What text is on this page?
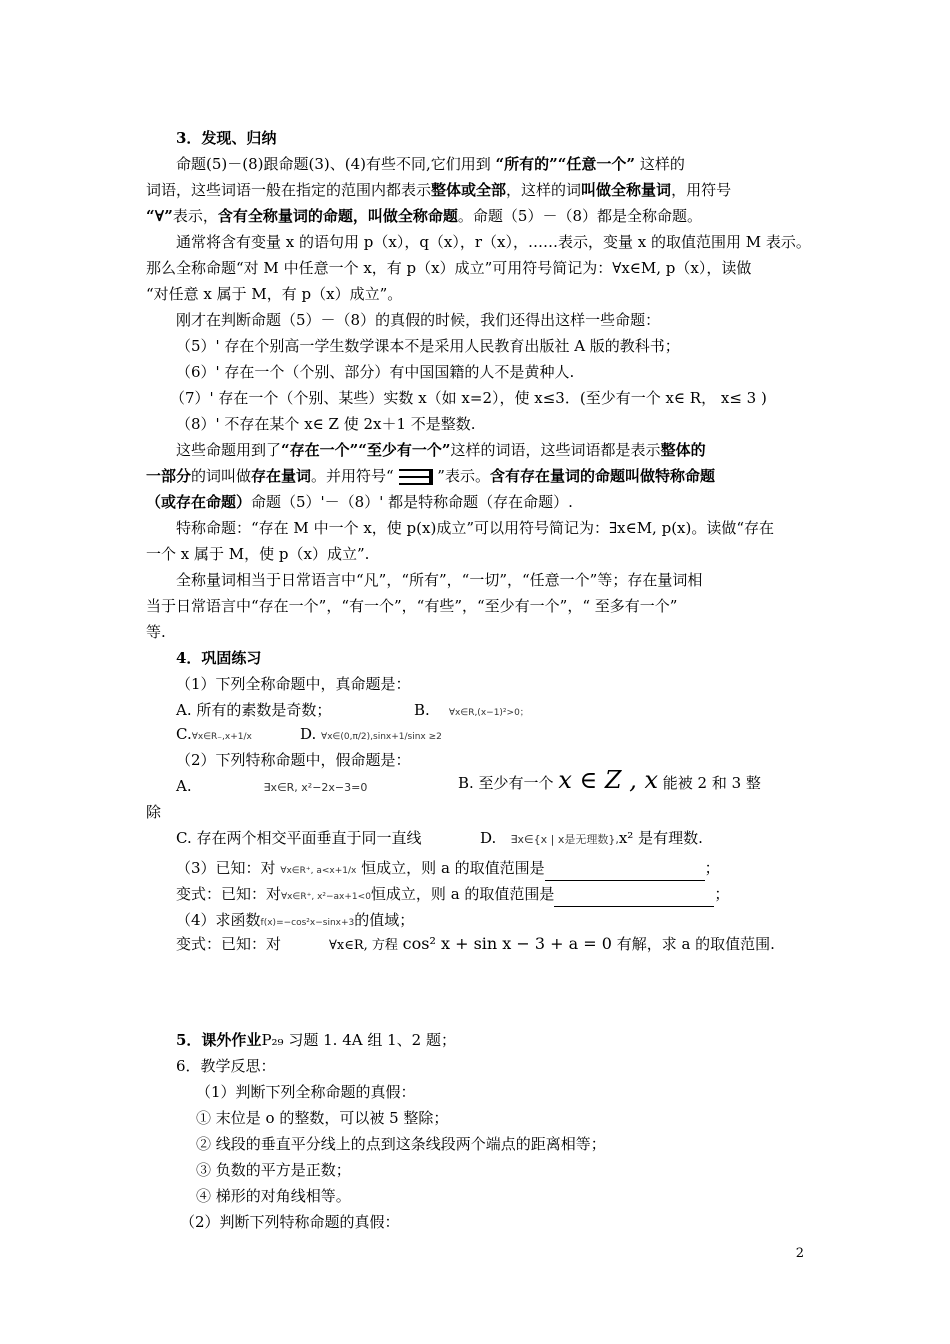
3．发现、归纳
命题(5)－(8)跟命题(3)、(4)有些不同,它们用到 “所有的”“任意一个” 这样的
词语，这些词语一般在指定的范围内都表示整体或全部，这样的词叫做全称量词，用符号
“∀”表示，含有全称量词的命题，叫做全称命题。命题（5）－（8）都是全称命题。
通常将含有变量 x 的语句用 p（x），q（x），r（x），……表示，变量 x 的取值范围用 M 表示。
那么全称命题“对 M 中任意一个 x，有 p（x）成立”可用符号简记为：∀x∈M, p（x），读做
“对任意 x 属于 M，有 p（x）成立”。
刚才在判断命题（5）－（8）的真假的时候，我们还得出这样一些命题：
（5）' 存在个别高一学生数学课本不是采用人民教育出版社 A 版的教科书；
（6）' 存在一个（个别、部分）有中国国籍的人不是黄种人.
（7）' 存在一个（个别、某些）实数 x（如 x=2），使 x≤3．(至少有一个 x∈ R， x≤ 3 )
（8）' 不存在某个 x∈ Z 使 2x＋1 不是整数.
这些命题用到了“存在一个”“至少有一个”这样的词语，这些词语都是表示整体的
一部分的词叫做存在量词。并用符号“	”表示。含有存在量词的命题叫做特称命题
（或存在命题）命题（5）'－（8）' 都是特称命题（存在命题）.
特称命题：“存在 M 中一个 x，使 p(x)成立”可以用符号简记为：∃x∈M, p(x)。读做“存在
一个 x 属于 M，使 p（x）成立”.
全称量词相当于日常语言中“凡”，“所有”，“一切”，“任意一个”等；存在量词相
当于日常语言中“存在一个”，“有一个”，“有些”，“至少有一个”，“ 至多有一个”
等.
4．巩固练习
（1）下列全称命题中，真命题是：
A. 所有的素数是奇数；	B. ∀x∈R,(x−1)²>0；
C.∀x∈R₋,x+1/x	D. ∀x∈(0,π/2),sinx+1/sinx ≥2
（2）下列特称命题中，假命题是：
A.	∃x∈R, x²−2x−3=0	B. 至少有一个 x ∈ Z , x 能被 2 和 3 整
除
C. 存在两个相交平面垂直于同一直线	D. ∃x∈{x | x是无理数},x² 是有理数.
（3）已知：对 ∀x∈R⁺, a<x+1/x 恒成立，则 a 的取值范围是	；
变式：已知：对∀x∈R⁺, x²−ax+1<0恒成立，则 a 的取值范围是	；
（4）求函数f(x)=−cos²x−sinx+3的值域；
变式：已知：对	∀x∈R, 方程 cos² x + sin x − 3 + a = 0 有解，求 a 的取值范围.
5．课外作业P₂₉ 习题 1. 4A 组 1、2 题；
6．教学反思：
（1）判断下列全称命题的真假：
① 末位是 o 的整数，可以被 5 整除；
② 线段的垂直平分线上的点到这条线段两个端点的距离相等；
③ 负数的平方是正数；
④ 梯形的对角线相等。
（2）判断下列特称命题的真假：
2
